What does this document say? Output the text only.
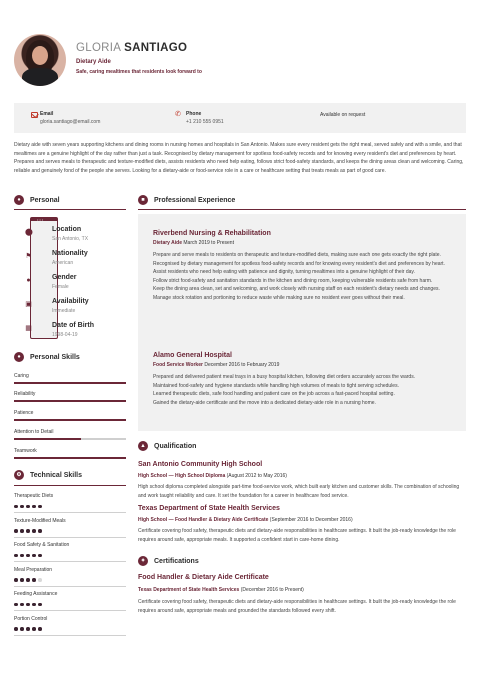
GLORIA SANTIAGO
Dietary Aide
Safe, caring mealtimes that residents look forward to
Email
gloria.santiago@email.com
✆ Phone
+1 210 555 0951
Available on request
Dietary aide with seven years supporting kitchens and dining rooms in nursing homes and hospitals in San Antonio. Makes sure every resident gets the right meal, served safely and with a smile, and that mealtimes are a genuine highlight of the day rather than just a task. Recognised by dietary management for spotless food-safety records and for knowing every resident's diet and preferences by heart. Prepares and serves meals to therapeutic and texture-modified diets, assists residents who need help eating, follows strict food-safety standards, and keeps the dining areas clean and welcoming. Caring, reliable and genuinely fond of the people she serves. Looking for a dietary-aide or food-service role in a care or healthcare setting that treats meals as part of good care.
●	Personal
•••
⬤	Location
San Antonio, TX
⚑	Nationality
American
●	Gender
Female
▣	Availability
Immediate
▦	Date of Birth
1998-04-19
●	Personal Skills
Caring
Reliability
Patience
Attention to Detail
Teamwork
⚙	Technical Skills
Therapeutic Diets
Texture-Modified Meals
Food Safety & Sanitation
Meal Preparation
Feeding Assistance
Portion Control
■	Professional Experience
Riverbend Nursing & Rehabilitation
Dietary Aide March 2019 to Present
Prepare and serve meals to residents on therapeutic and texture-modified diets, making sure each one gets exactly the right plate.
Recognised by dietary management for spotless food-safety records and for knowing every resident's diet and preferences by heart.
Assist residents who need help eating with patience and dignity, turning mealtimes into a genuine highlight of their day.
Follow strict food-safety and sanitation standards in the kitchen and dining room, keeping vulnerable residents safe from harm.
Keep the dining area clean, set and welcoming, and work closely with nursing staff on each resident's dietary needs and changes.
Manage stock rotation and portioning to reduce waste while making sure no resident ever goes without their meal.
Alamo General Hospital
Food Service Worker December 2016 to February 2019
Prepared and delivered patient meal trays in a busy hospital kitchen, following diet orders accurately across the wards.
Maintained food-safety and hygiene standards while handling high volumes of meals to tight serving schedules.
Learned therapeutic diets, safe food handling and patient care on the job across a fast-paced hospital setting.
Gained the dietary-aide certificate and the move into a dedicated dietary-aide role in a nursing home.
▲	Qualification
San Antonio Community High School
High School — High School Diploma (August 2012 to May 2016)
High school diploma completed alongside part-time food-service work, which built early kitchen and customer skills. The combination of schooling and work taught reliability and care. It set the foundation for a career in healthcare food service.
Texas Department of State Health Services
High School — Food Handler & Dietary Aide Certificate (September 2016 to December 2016)
Certificate covering food safety, therapeutic diets and dietary-aide responsibilities in healthcare settings. It built the job-ready knowledge the role requires around safe, appropriate meals. It supported a confident start in care-home dining.
✦	Certifications
Food Handler & Dietary Aide Certificate
Texas Department of State Health Services (December 2016 to Present)
Certificate covering food safety, therapeutic diets and dietary-aide responsibilities in healthcare settings. It built the job-ready knowledge the role requires around safe, appropriate meals and grounded the standards followed every shift.
